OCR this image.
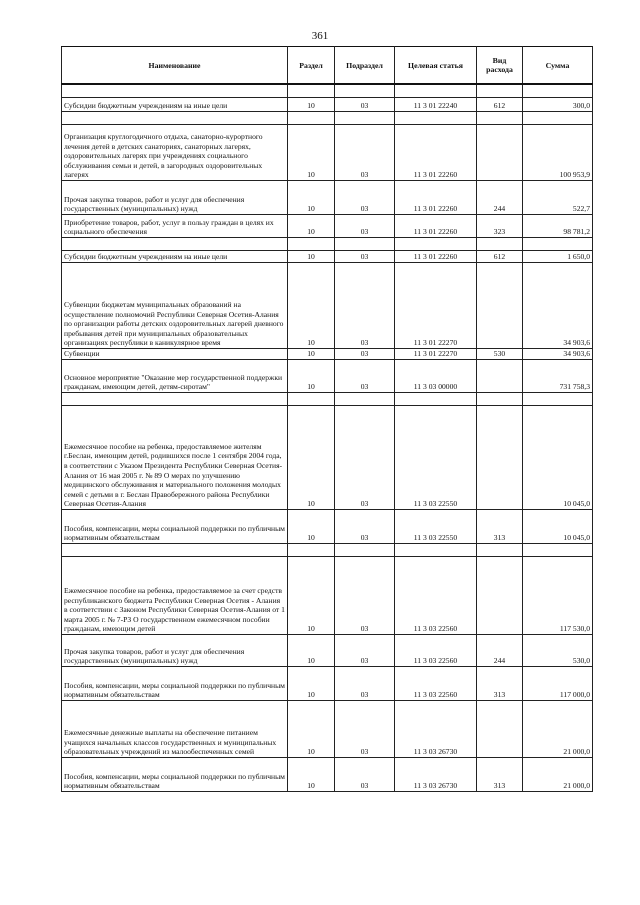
361
Наименование	Раздел	Подраздел	Целевая статья	Вид расхода	Сумма

Субсидии бюджетным учреждениям на иные цели	10	03	11 3 01 22240	612	300,0

Организация круглогодичного отдыха, санаторно-курортного лечения детей в детских санаториях, санаторных лагерях, оздоровительных лагерях при учреждениях социального обслуживания семьи и детей, в загородных оздоровительных лагерях	10	03	11 3 01 22260		100 953,9
Прочая закупка товаров, работ и услуг для обеспечения государственных (муниципальных) нужд	10	03	11 3 01 22260	244	522,7
Приобретение товаров, работ, услуг в пользу граждан в целях их социального обеспечения	10	03	11 3 01 22260	323	98 781,2

Субсидии бюджетным учреждениям на иные цели	10	03	11 3 01 22260	612	1 650,0
Субвенции бюджетам муниципальных образований на осуществление полномочий Республики Северная Осетия-Алания по организации работы детских оздоровительных лагерей дневного пребывания детей при муниципальных образовательных организациях республики в каникулярное время	10	03	11 3 01 22270		34 903,6
Субвенции	10	03	11 3 01 22270	530	34 903,6
Основное мероприятие "Оказание мер государственной поддержки гражданам, имеющим детей, детям-сиротам"	10	03	11 3 03 00000		731 758,3

Ежемесячное пособие на ребенка, предоставляемое жителям г.Беслан, имеющим детей, родившихся после 1 сентября 2004 года, в соответствии с Указом Президента Республики Северная Осетия-Алания от 16 мая 2005 г. № 89 О мерах по улучшению медицинского обслуживания и материального положения молодых семей с детьми в г. Беслан Правобережного района Республики Северная Осетия-Алания	10	03	11 3 03 22550		10 045,0
Пособия, компенсации, меры социальной поддержки по публичным нормативным обязательствам	10	03	11 3 03 22550	313	10 045,0

Ежемесячное пособие на ребенка, предоставляемое за счет средств республиканского бюджета Республики Северная Осетия - Алания в соответствии с Законом Республики Северная Осетия-Алания от 1 марта 2005 г. № 7-РЗ О государственном ежемесячном пособии гражданам, имеющим детей	10	03	11 3 03 22560		117 530,0
Прочая закупка товаров, работ и услуг для обеспечения государственных (муниципальных) нужд	10	03	11 3 03 22560	244	530,0
Пособия, компенсации, меры социальной поддержки по публичным нормативным обязательствам	10	03	11 3 03 22560	313	117 000,0
Ежемесячные денежные выплаты на обеспечение питанием учащихся начальных классов государственных и муниципальных образовательных учреждений из малообеспеченных семей	10	03	11 3 03 26730		21 000,0
Пособия, компенсации, меры социальной поддержки по публичным нормативным обязательствам	10	03	11 3 03 26730	313	21 000,0
